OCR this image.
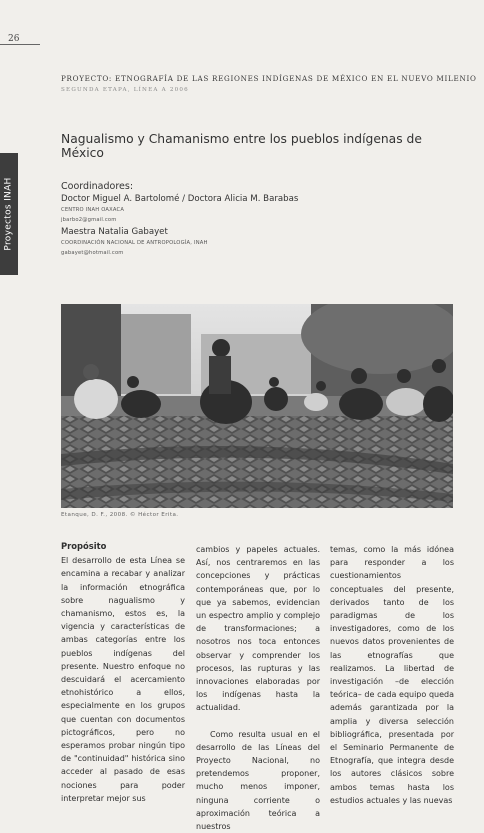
26
Proyectos INAH
PROYECTO: ETNOGRAFÍA DE LAS REGIONES INDÍGENAS DE MÉXICO EN EL NUEVO MILENIO
SEGUNDA ETAPA, LÍNEA A 2006
Nagualismo y Chamanismo entre los pueblos indígenas de México
Coordinadores:
Doctor Miguel A. Bartolomé / Doctora Alicia M. Barabas
CENTRO INAH OAXACA
jbarbo2@gmail.com
Maestra Natalia Gabayet
COORDINACIÓN NACIONAL DE ANTROPOLOGÍA, INAH
gabayet@hotmail.com
Etanque, D. F., 2008. © Héctor Erita.
Propósito

El desarrollo de esta Línea se encamina a recabar y analizar la información etnográfica sobre nagualismo y chamanismo, estos es, la vigencia y características de ambas categorías entre los pueblos indígenas del presente. Nuestro enfoque no descuidará el acercamiento etnohistórico a ellos, especialmente en los grupos que cuentan con documentos pictográficos, pero no esperamos probar ningún tipo de "continuidad" histórica sino acceder al pasado de esas nociones para poder interpretar mejor sus

cambios y papeles actuales. Así, nos centraremos en las concepciones y prácticas contemporáneas que, por lo que ya sabemos, evidencian un espectro amplio y complejo de transformaciones; a nosotros nos toca entonces observar y comprender los procesos, las rupturas y las innovaciones elaboradas por los indígenas hasta la actualidad.

Como resulta usual en el desarrollo de las Líneas del Proyecto Nacional, no pretendemos proponer, mucho menos imponer, ninguna corriente o aproximación teórica a nuestros

temas, como la más idónea para responder a los cuestionamientos conceptuales del presente, derivados tanto de los paradigmas de los investigadores, como de los nuevos datos provenientes de las etnografías que realizamos. La libertad de investigación –de elección teórica– de cada equipo queda además garantizada por la amplia y diversa selección bibliográfica, presentada por el Seminario Permanente de Etnografía, que integra desde los autores clásicos sobre ambos temas hasta los estudios actuales y las nuevas
